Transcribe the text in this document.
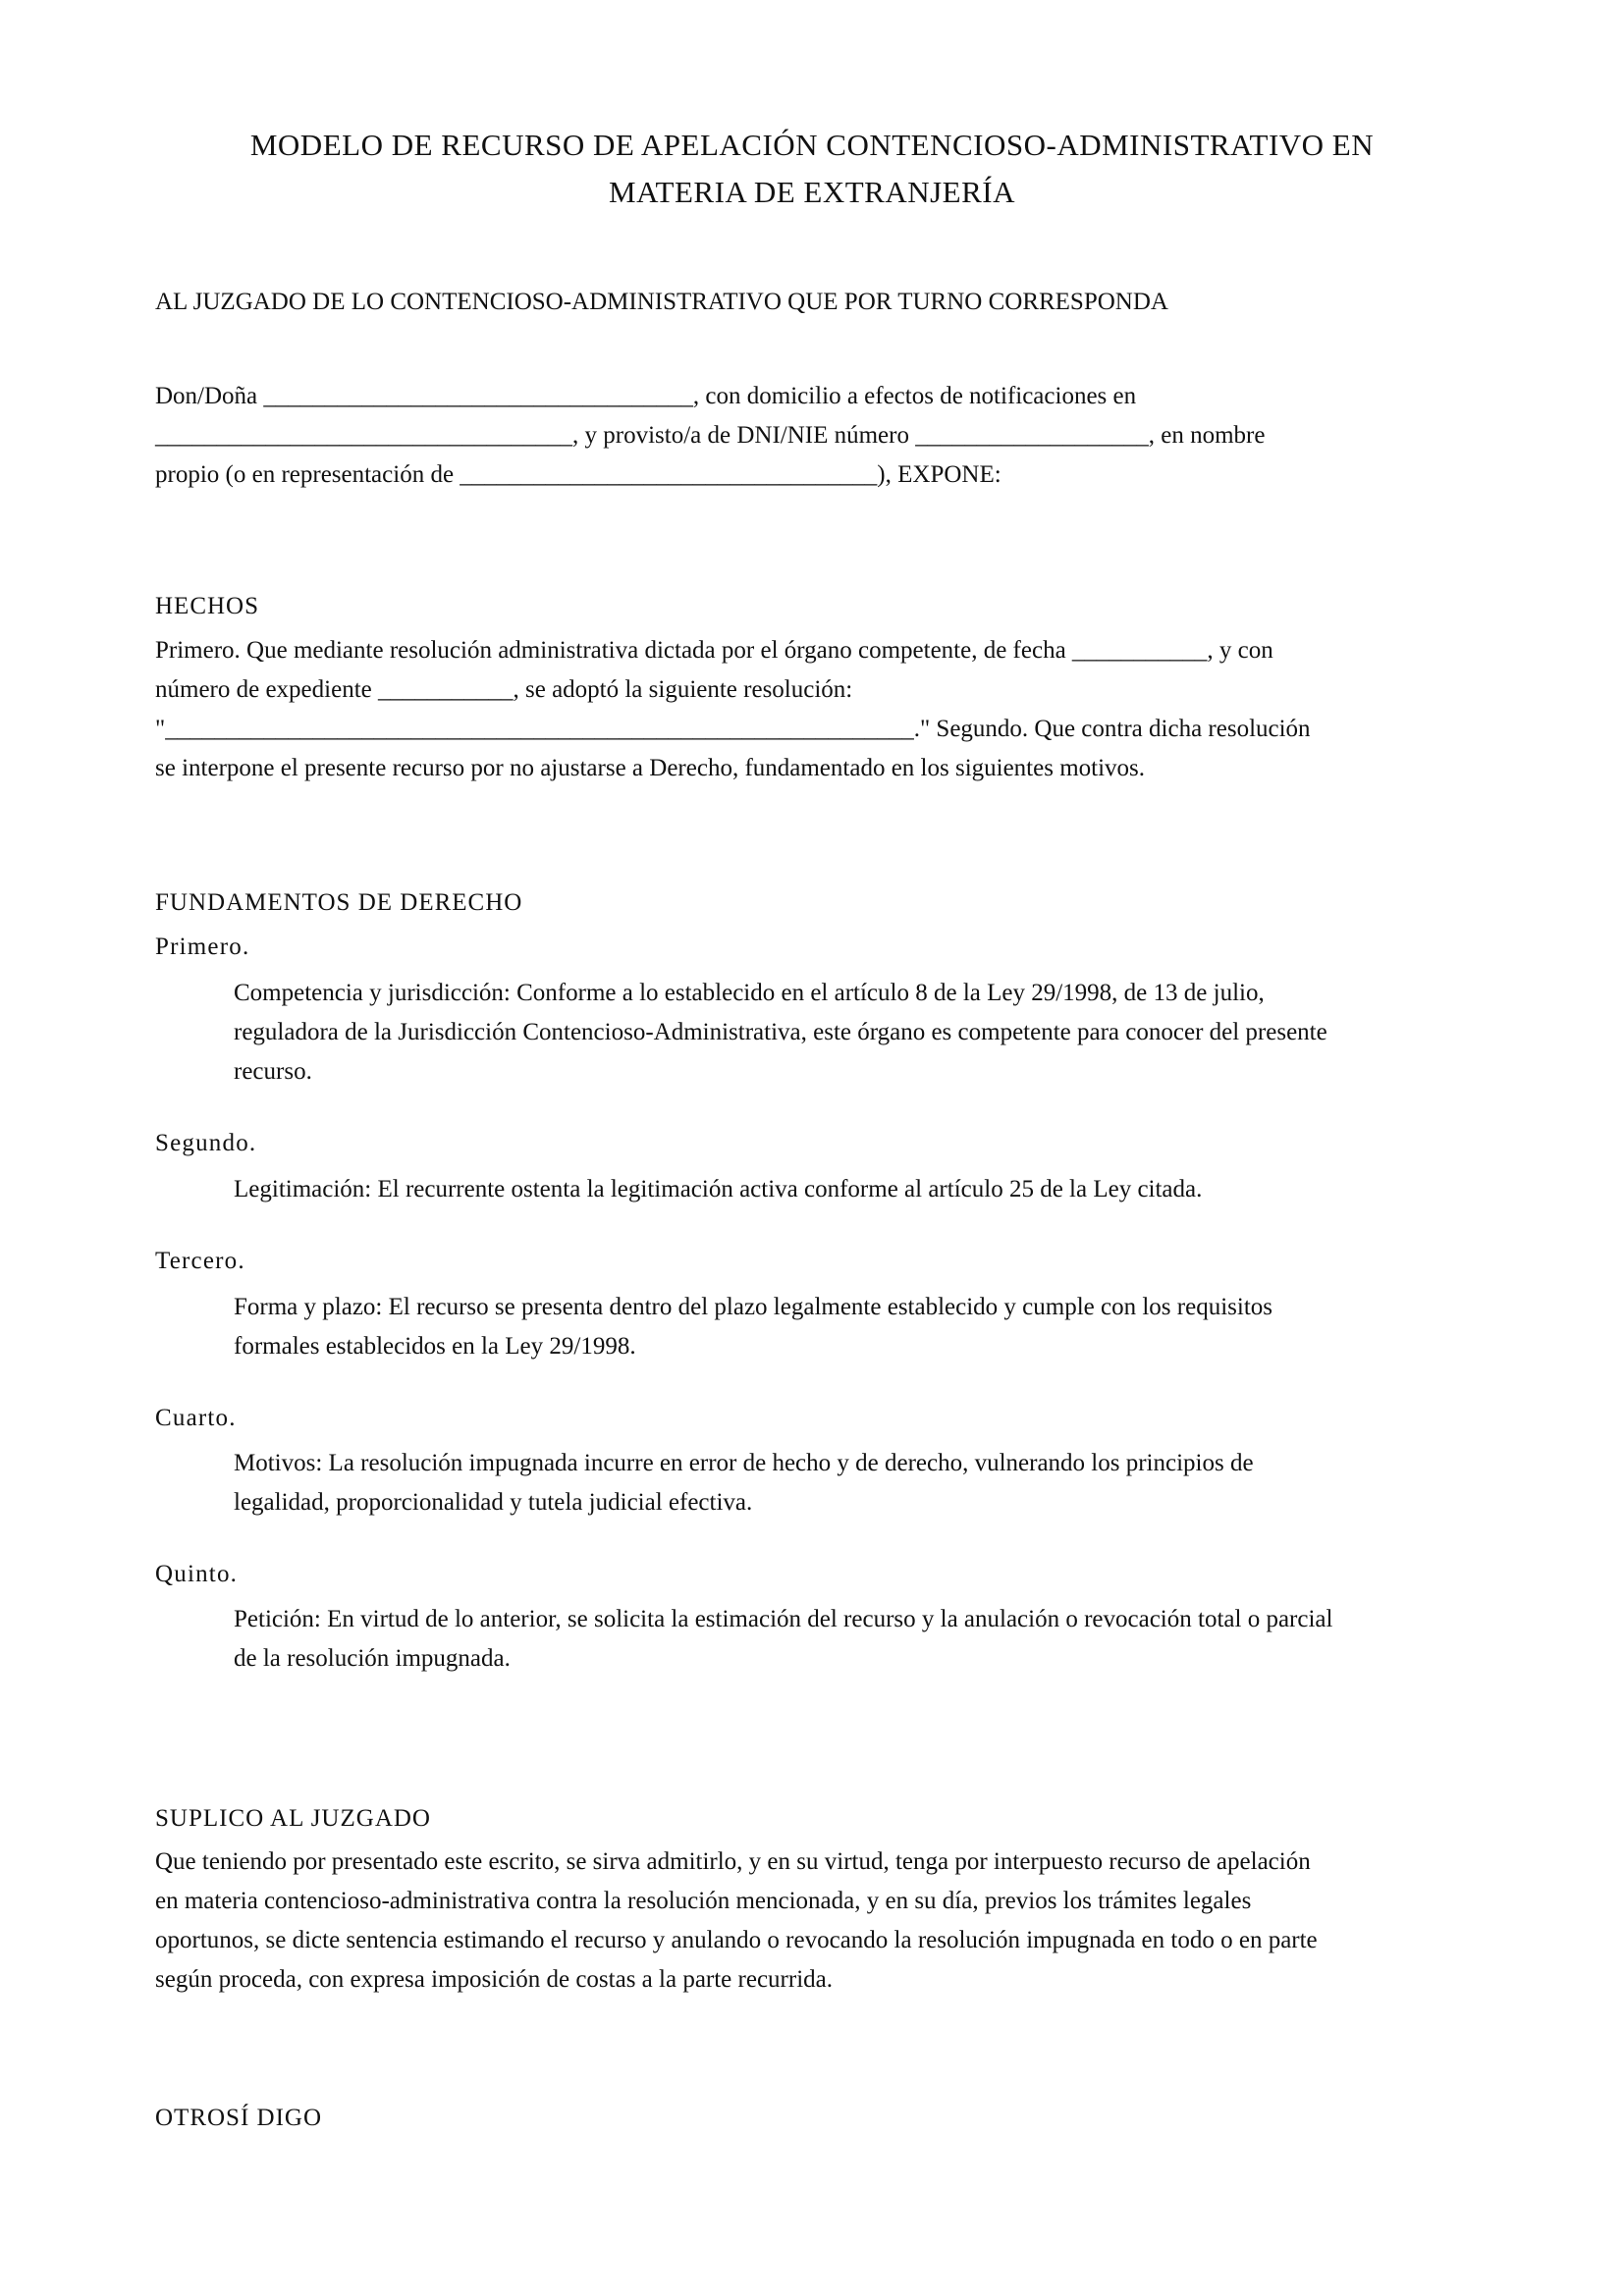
MODELO DE RECURSO DE APELACIÓN CONTENCIOSO-ADMINISTRATIVO EN
MATERIA DE EXTRANJERÍA
AL JUZGADO DE LO CONTENCIOSO-ADMINISTRATIVO QUE POR TURNO CORRESPONDA
Don/Doña ___________________________________, con domicilio a efectos de notificaciones en
__________________________________, y provisto/a de DNI/NIE número ___________________, en nombre
propio (o en representación de __________________________________), EXPONE:
HECHOS
Primero. Que mediante resolución administrativa dictada por el órgano competente, de fecha ___________, y con
número de expediente ___________, se adoptó la siguiente resolución:
"_____________________________________________________________." Segundo. Que contra dicha resolución
se interpone el presente recurso por no ajustarse a Derecho, fundamentado en los siguientes motivos.
FUNDAMENTOS DE DERECHO
Primero.
Competencia y jurisdicción: Conforme a lo establecido en el artículo 8 de la Ley 29/1998, de 13 de julio,
reguladora de la Jurisdicción Contencioso-Administrativa, este órgano es competente para conocer del presente
recurso.
Segundo.
Legitimación: El recurrente ostenta la legitimación activa conforme al artículo 25 de la Ley citada.
Tercero.
Forma y plazo: El recurso se presenta dentro del plazo legalmente establecido y cumple con los requisitos
formales establecidos en la Ley 29/1998.
Cuarto.
Motivos: La resolución impugnada incurre en error de hecho y de derecho, vulnerando los principios de
legalidad, proporcionalidad y tutela judicial efectiva.
Quinto.
Petición: En virtud de lo anterior, se solicita la estimación del recurso y la anulación o revocación total o parcial
de la resolución impugnada.
SUPLICO AL JUZGADO
Que teniendo por presentado este escrito, se sirva admitirlo, y en su virtud, tenga por interpuesto recurso de apelación
en materia contencioso-administrativa contra la resolución mencionada, y en su día, previos los trámites legales
oportunos, se dicte sentencia estimando el recurso y anulando o revocando la resolución impugnada en todo o en parte
según proceda, con expresa imposición de costas a la parte recurrida.
OTROSÍ DIGO
